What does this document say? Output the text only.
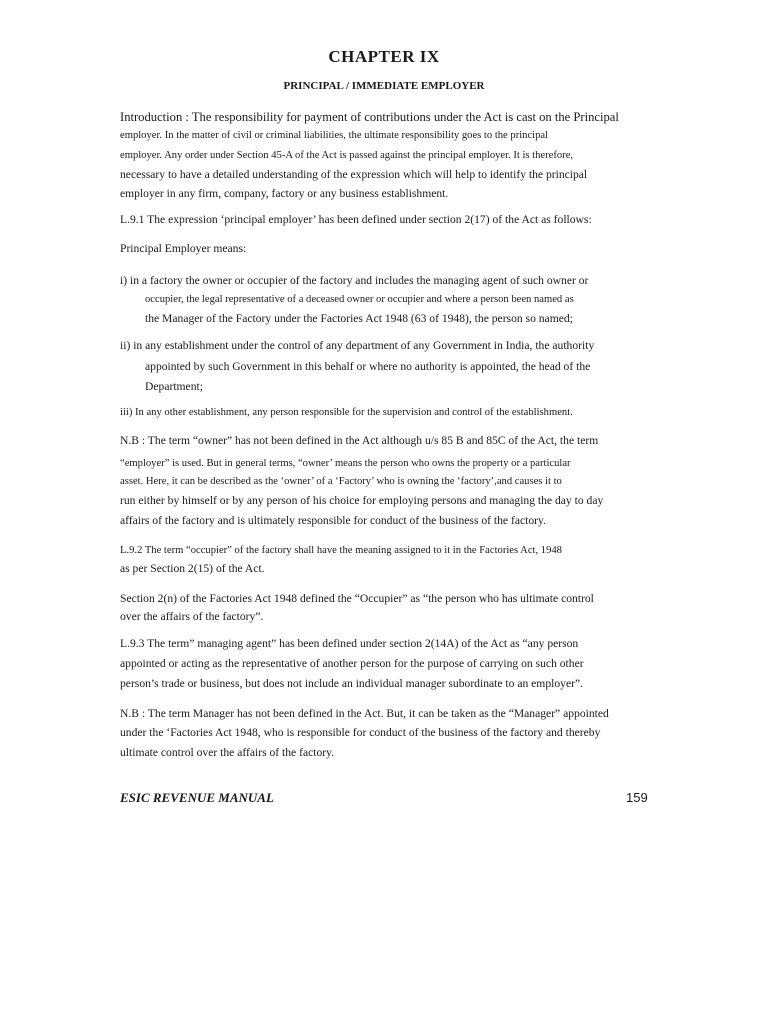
CHAPTER IX
PRINCIPAL / IMMEDIATE EMPLOYER

Introduction : The responsibility for payment of contributions under the Act is cast on the Principal

employer. In the matter of civil or criminal liabilities, the ultimate responsibility goes to the principal

employer. Any order under Section 45-A of the Act is passed against the principal employer. It is therefore,

necessary to have a detailed understanding of the expression which will help to identify the principal

employer in any firm, company, factory or any business establishment.

L.9.1 The expression ‘principal employer’ has been defined under section 2(17) of the Act as follows:

Principal Employer means:

i) in a factory the owner or occupier of the factory and includes the managing agent of such owner or

occupier, the legal representative of a deceased owner or occupier and where a person been named as

the Manager of the Factory under the Factories Act 1948 (63 of 1948), the person so named;

ii) in any establishment under the control of any department of any Government in India, the authority

appointed by such Government in this behalf or where no authority is appointed, the head of the

Department;

iii) In any other establishment, any person responsible for the supervision and control of the establishment.

N.B : The term “owner” has not been defined in the Act although u/s 85 B and 85C of the Act, the term

“employer” is used. But in general terms, “owner’ means the person who owns the property or a particular

asset. Here, it can be described as the ‘owner’ of a ‘Factory’ who is owning the ‘factory’,and causes it to

run either by himself or by any person of his choice for employing persons and managing the day to day

affairs of the factory and is ultimately responsible for conduct of the business of the factory.

L.9.2 The term “occupier” of the factory shall have the meaning assigned to it in the Factories Act, 1948

as per Section 2(15) of the Act.

Section 2(n) of the Factories Act 1948 defined the “Occupier” as “the person who has ultimate control

over the affairs of the factory”.

L.9.3 The term” managing agent” has been defined under section 2(14A) of the Act as “any person

appointed or acting as the representative of another person for the purpose of carrying on such other

person’s trade or business, but does not include an individual manager subordinate to an employer”.

N.B : The term Manager has not been defined in the Act. But, it can be taken as the “Manager” appointed

under the ‘Factories Act 1948, who is responsible for conduct of the business of the factory and thereby

ultimate control over the affairs of the factory.

ESIC REVENUE MANUAL	159
